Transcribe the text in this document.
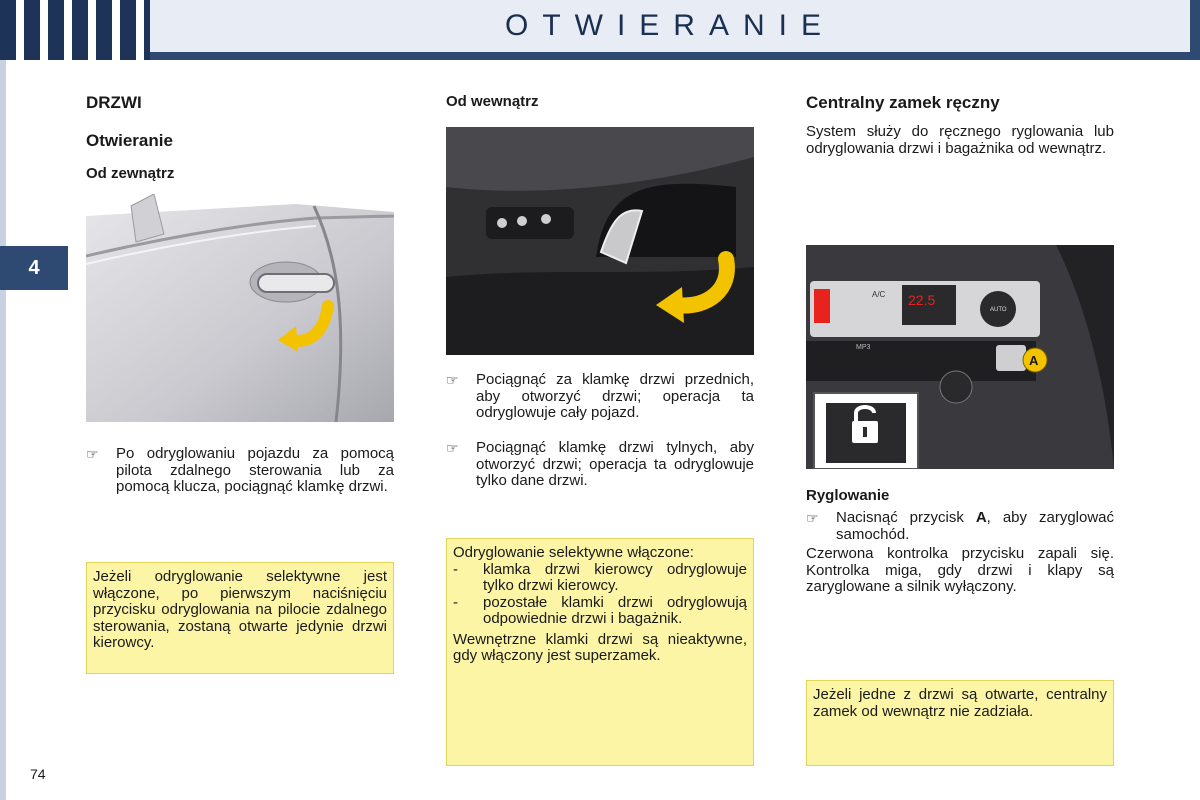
OTWIERANIE
4
DRZWI
Otwieranie
Od zewnątrz
☞ Po odryglowaniu pojazdu za pomocą pilota zdalnego sterowania lub za pomocą klucza, pociągnąć klamkę drzwi.

Jeżeli odryglowanie selektywne jest włączone, po pierwszym naciśnięciu przycisku odryglowania na pilocie zdalnego sterowania, zostaną otwarte jedynie drzwi kierowcy.

Od wewnątrz
☞ Pociągnąć za klamkę drzwi przednich, aby otworzyć drzwi; operacja ta odryglowuje cały pojazd.
☞ Pociągnąć klamkę drzwi tylnych, aby otworzyć drzwi; operacja ta odryglowuje tylko dane drzwi.

Odryglowanie selektywne włączone:

- klamka drzwi kierowcy odryglowuje tylko drzwi kierowcy.
- pozostałe klamki drzwi odryglowują odpowiednie drzwi i bagażnik.

Wewnętrzne klamki drzwi są nieaktywne, gdy włączony jest superzamek.

Centralny zamek ręczny
System służy do ręcznego ryglowania lub odryglowania drzwi i bagażnika od wewnątrz.
22.5
A/C
AUTO
MP3
A
Ryglowanie
☞ Nacisnąć przycisk A, aby zaryglować samochód.
Czerwona kontrolka przycisku zapali się. Kontrolka miga, gdy drzwi i klapy są zaryglowane a silnik wyłączony.

Jeżeli jedne z drzwi są otwarte, centralny zamek od wewnątrz nie zadziała.

74
